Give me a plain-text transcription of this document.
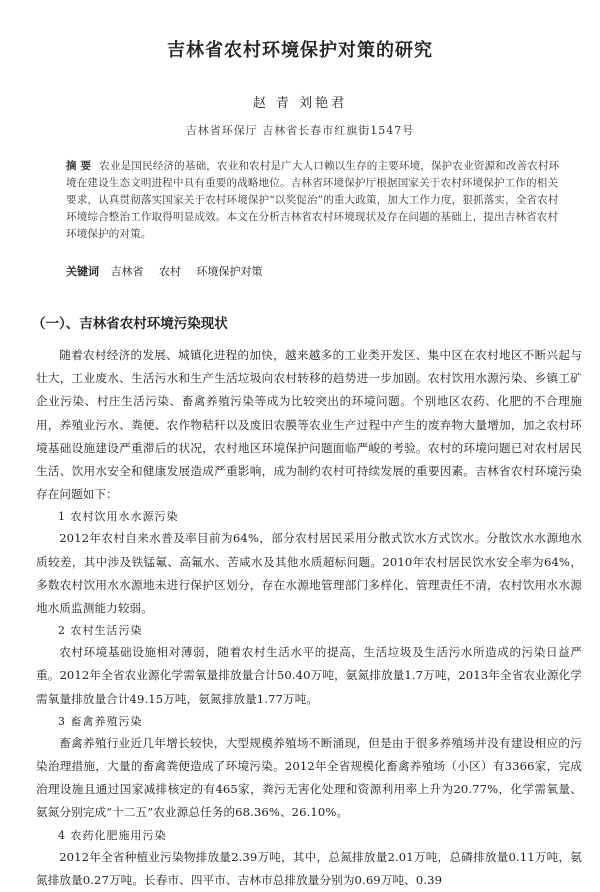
吉林省农村环境保护对策的研究
赵 青 刘艳君
吉林省环保厅 吉林省长春市红旗街1547号
摘 要 农业是国民经济的基础，农业和农村是广大人口赖以生存的主要环境，保护农业资源和改善农村环境在建设生态文明进程中具有重要的战略地位。吉林省环境保护厅根据国家关于农村环境保护工作的相关要求，认真贯彻落实国家关于农村环境保护“以奖促治”的重大政策，加大工作力度，狠抓落实，全省农村环境综合整治工作取得明显成效。本文在分析吉林省农村环境现状及存在问题的基础上，提出吉林省农村环境保护的对策。
关键词 吉林省 农村 环境保护对策
（一）、吉林省农村环境污染现状

随着农村经济的发展、城镇化进程的加快，越来越多的工业类开发区、集中区在农村地区不断兴起与壮大，工业废水、生活污水和生产生活垃圾向农村转移的趋势进一步加剧。农村饮用水源污染、乡镇工矿企业污染、村庄生活污染、畜禽养殖污染等成为比较突出的环境问题。个别地区农药、化肥的不合理施用，养殖业污水、粪便、农作物秸秆以及废旧农膜等农业生产过程中产生的废弃物大量增加，加之农村环境基础设施建设严重滞后的状况，农村地区环境保护问题面临严峻的考验。农村的环境问题已对农村居民生活、饮用水安全和健康发展造成严重影响，成为制约农村可持续发展的重要因素。吉林省农村环境污染存在问题如下：

1 农村饮用水水源污染

2012年农村自来水普及率目前为64%，部分农村居民采用分散式饮水方式饮水。分散饮水水源地水质较差，其中涉及铁锰氟、高氟水、苦咸水及其他水质超标问题。2010年农村居民饮水安全率为64%，多数农村饮用水水源地未进行保护区划分，存在水源地管理部门多样化、管理责任不清，农村饮用水水源地水质监测能力较弱。

2 农村生活污染

农村环境基础设施相对薄弱，随着农村生活水平的提高，生活垃圾及生活污水所造成的污染日益严重。2012年全省农业源化学需氧量排放量合计50.40万吨，氨氮排放量1.7万吨，2013年全省农业源化学需氧量排放量合计49.15万吨，氨氮排放量1.77万吨。

3 畜禽养殖污染

畜禽养殖行业近几年增长较快，大型规模养殖场不断涌现，但是由于很多养殖场并没有建设相应的污染治理措施，大量的畜禽粪便造成了环境污染。2012年全省规模化畜禽养殖场（小区）有3366家，完成治理设施且通过国家减排核定的有465家，粪污无害化处理和资源利用率上升为20.77%，化学需氧量、氨氮分别完成“十二五”农业源总任务的68.36%、26.10%。

4 农药化肥施用污染

2012年全省种植业污染物排放量2.39万吨，其中，总氮排放量2.01万吨，总磷排放量0.11万吨，氨氮排放量0.27万吨。长春市、四平市、吉林市总排放量分别为0.69万吨、0.39
